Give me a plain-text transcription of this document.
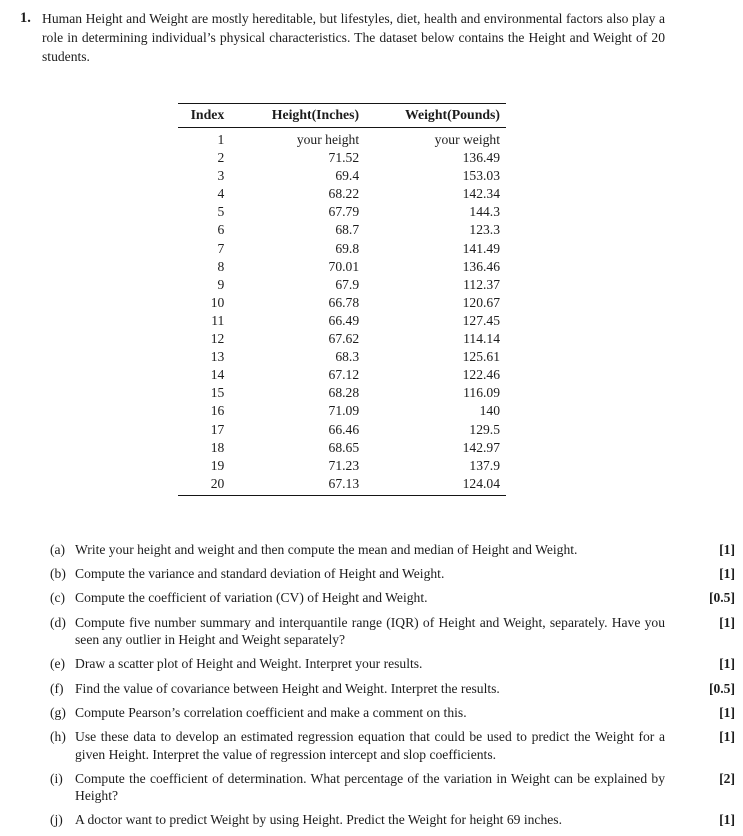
1. Human Height and Weight are mostly hereditable, but lifestyles, diet, health and environmental factors also play a role in determining individual’s physical characteristics. The dataset below contains the Height and Weight of 20 students.
Index	Height(Inches)	Weight(Pounds)
1	your height	your weight
2	71.52	136.49
3	69.4	153.03
4	68.22	142.34
5	67.79	144.3
6	68.7	123.3
7	69.8	141.49
8	70.01	136.46
9	67.9	112.37
10	66.78	120.67
11	66.49	127.45
12	67.62	114.14
13	68.3	125.61
14	67.12	122.46
15	68.28	116.09
16	71.09	140
17	66.46	129.5
18	68.65	142.97
19	71.23	137.9
20	67.13	124.04
(a) Write your height and weight and then compute the mean and median of Height and Weight.	[1]
(b) Compute the variance and standard deviation of Height and Weight.	[1]
(c) Compute the coefficient of variation (CV) of Height and Weight.	[0.5]
(d) Compute five number summary and interquantile range (IQR) of Height and Weight, separately. Have you seen any outlier in Height and Weight separately?
[1]
(e) Draw a scatter plot of Height and Weight. Interpret your results.	[1]
(f) Find the value of covariance between Height and Weight. Interpret the results.	[0.5]
(g) Compute Pearson’s correlation coefficient and make a comment on this.	[1]
(h) Use these data to develop an estimated regression equation that could be used to predict the Weight for a given Height. Interpret the value of regression intercept and slop coefficients.
[1]
(i) Compute the coefficient of determination. What percentage of the variation in Weight can be explained by Height?
[2]
(j) A doctor want to predict Weight by using Height. Predict the Weight for height 69 inches.	[1]
